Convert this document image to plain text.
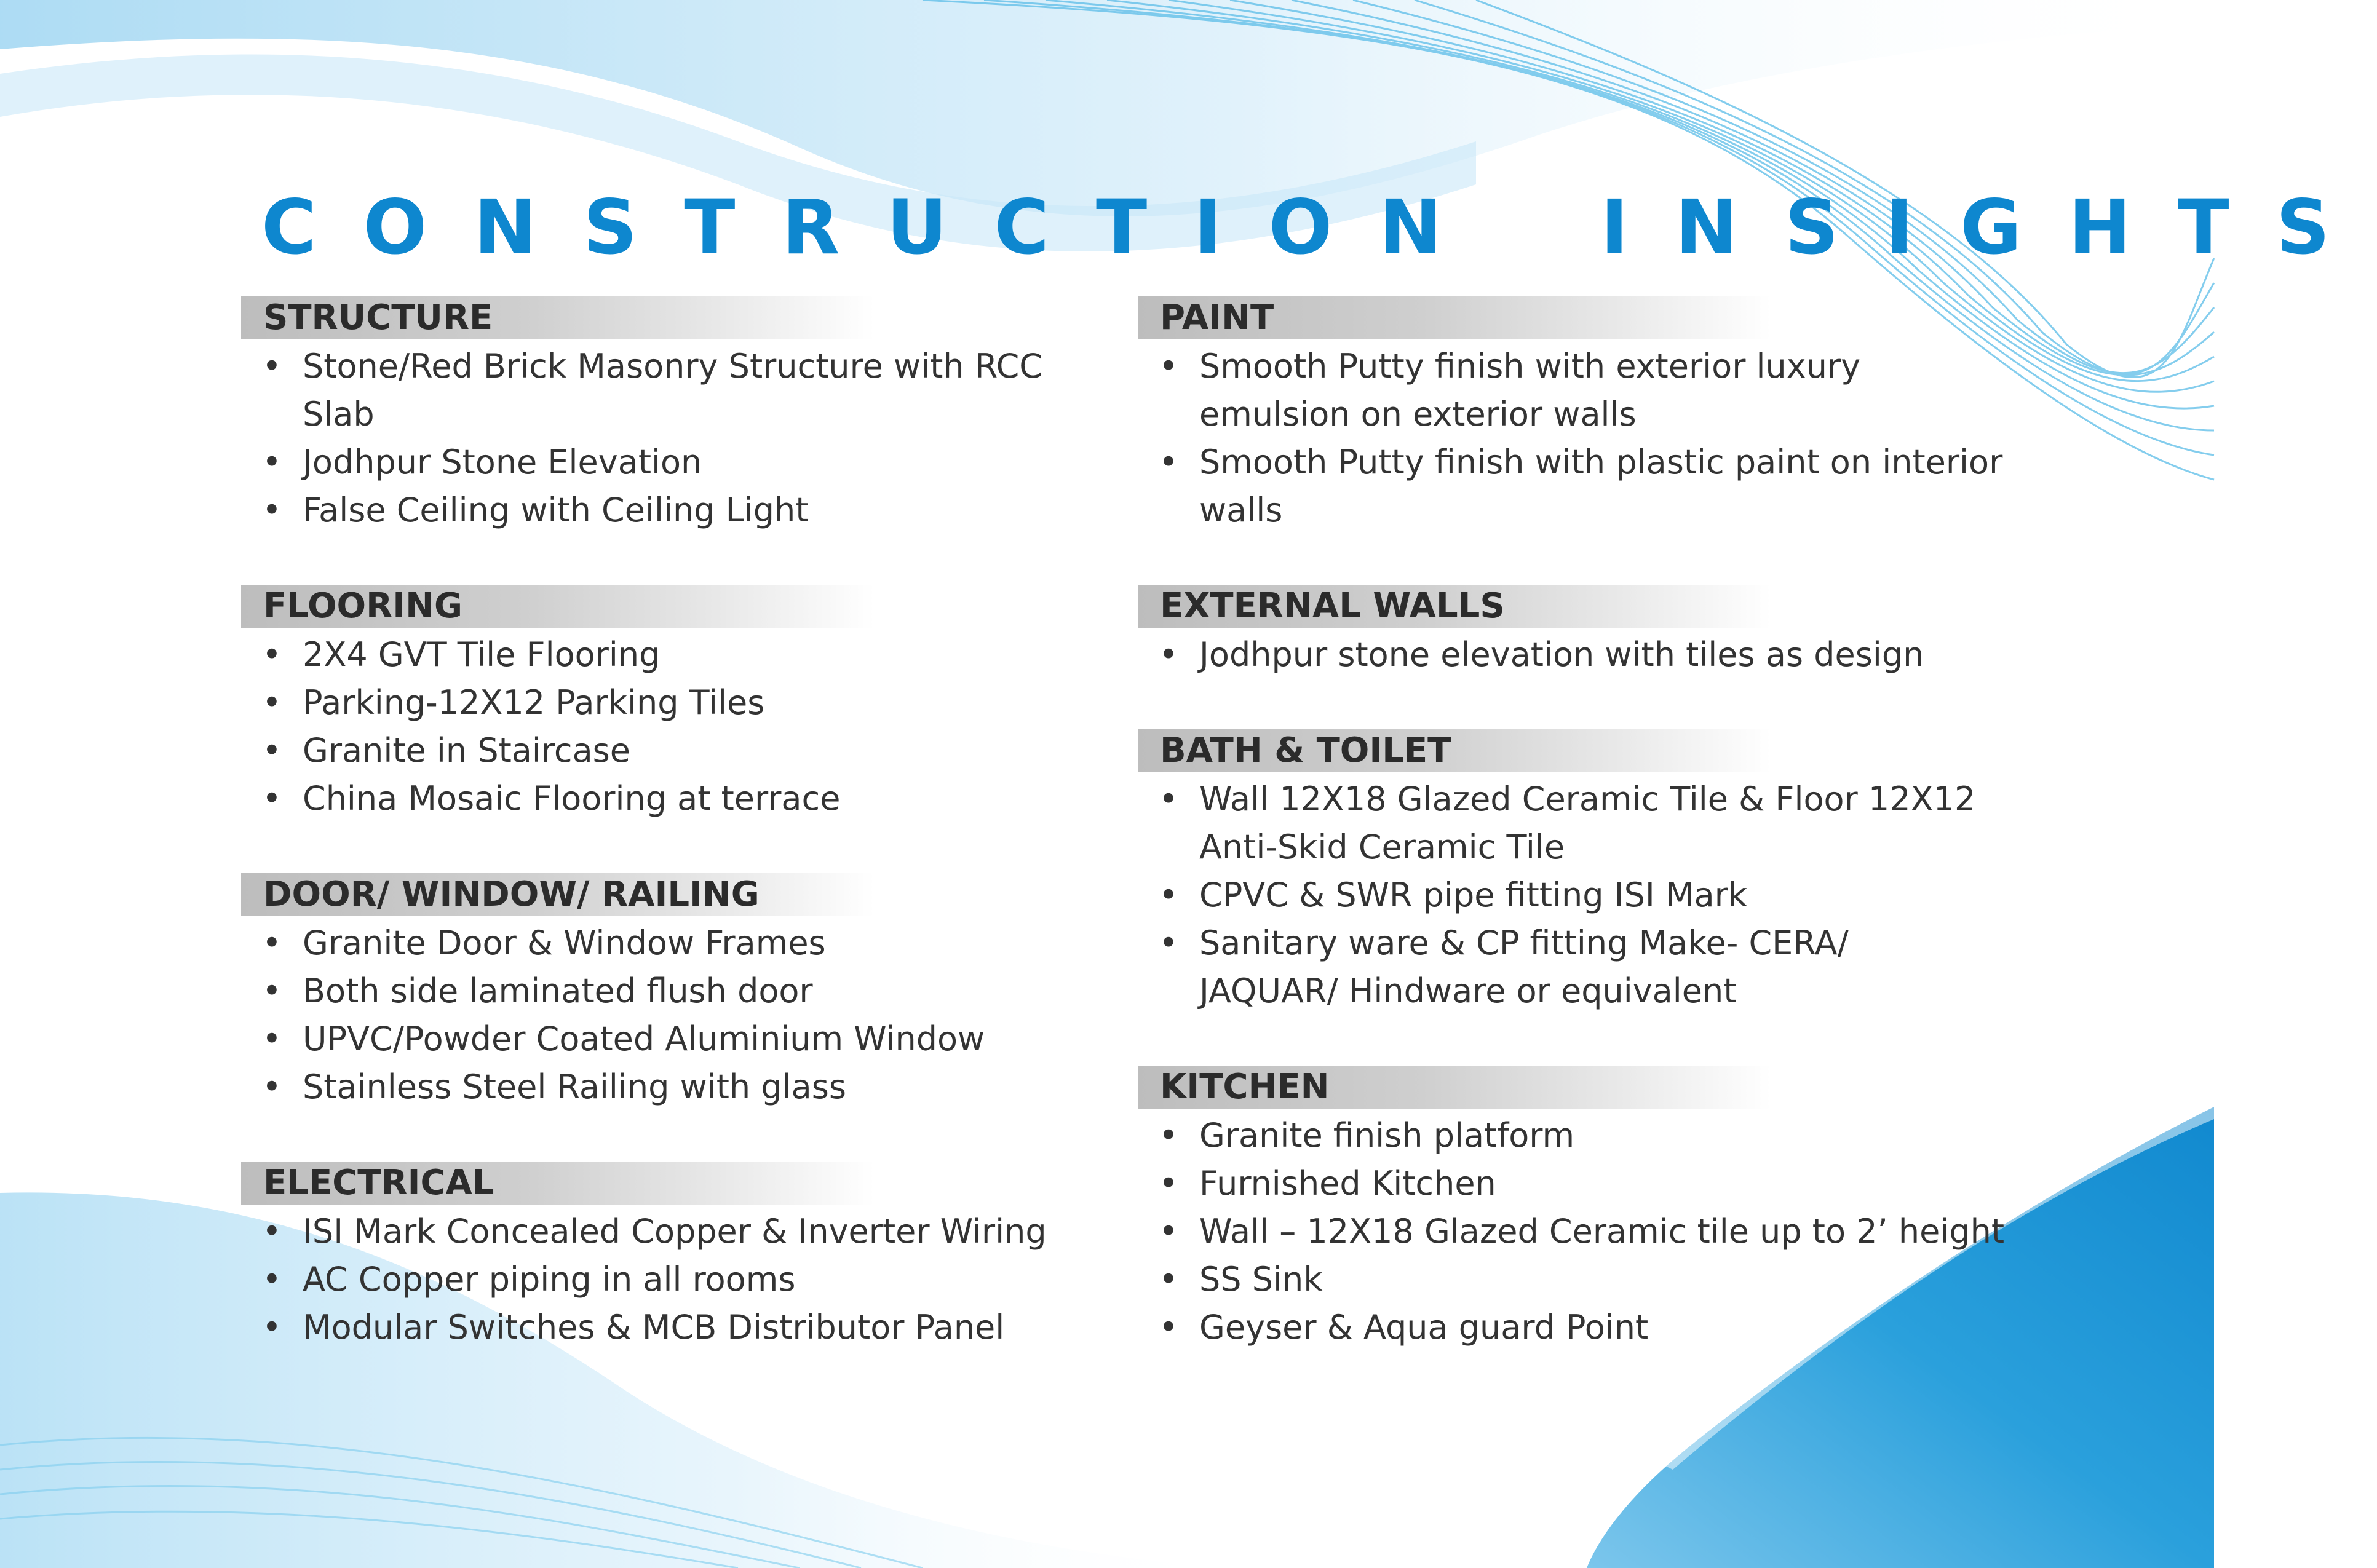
CONSTRUCTION INSIGHTS
STRUCTURE
• Stone/Red Brick Masonry Structure with RCC
Slab
• Jodhpur Stone Elevation
• False Ceiling with Ceiling Light
FLOORING
• 2X4 GVT Tile Flooring
• Parking-12X12 Parking Tiles
• Granite in Staircase
• China Mosaic Flooring at terrace
DOOR/ WINDOW/ RAILING
• Granite Door & Window Frames
• Both side laminated flush door
• UPVC/Powder Coated Aluminium Window
• Stainless Steel Railing with glass
ELECTRICAL
• ISI Mark Concealed Copper & Inverter Wiring
• AC Copper piping in all rooms
• Modular Switches & MCB Distributor Panel
PAINT
• Smooth Putty finish with exterior luxury
emulsion on exterior walls
• Smooth Putty finish with plastic paint on interior
walls
EXTERNAL WALLS
• Jodhpur stone elevation with tiles as design
BATH & TOILET
• Wall 12X18 Glazed Ceramic Tile & Floor 12X12
Anti-Skid Ceramic Tile
• CPVC & SWR pipe fitting ISI Mark
• Sanitary ware & CP fitting Make- CERA/
JAQUAR/ Hindware or equivalent
KITCHEN
• Granite finish platform
• Furnished Kitchen
• Wall – 12X18 Glazed Ceramic tile up to 2’ height
• SS Sink
• Geyser & Aqua guard Point
